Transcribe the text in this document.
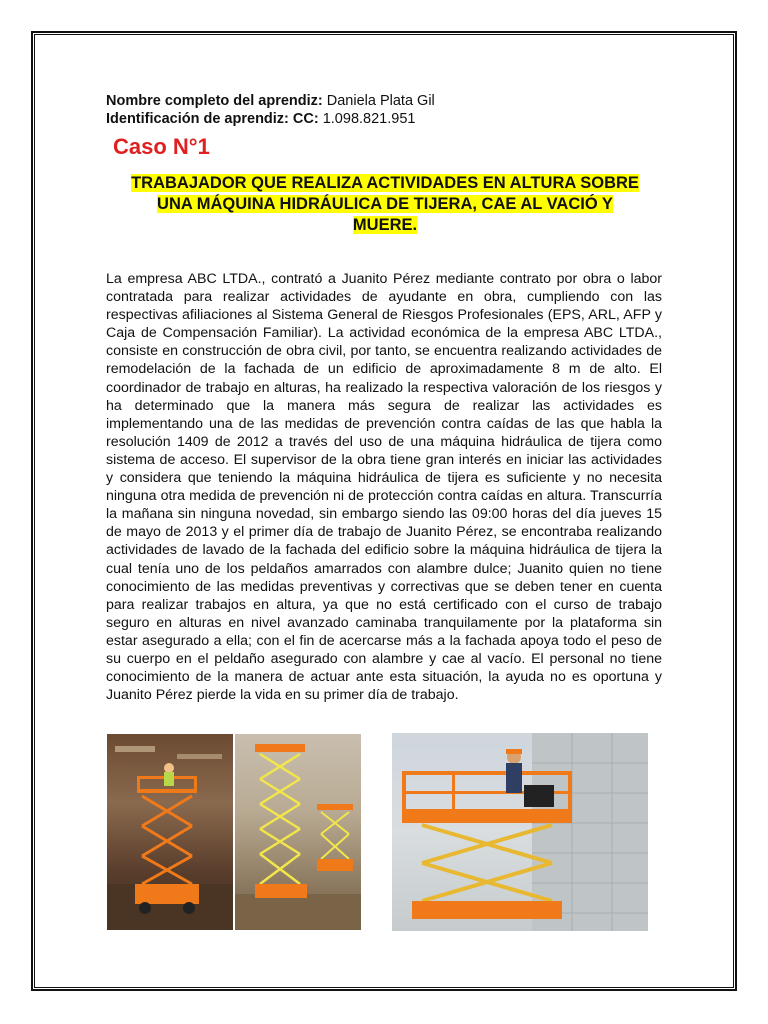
Nombre completo del aprendiz: Daniela Plata Gil
Identificación de aprendiz: CC: 1.098.821.951
Caso N°1
TRABAJADOR QUE REALIZA ACTIVIDADES EN ALTURA SOBRE UNA MÁQUINA HIDRÁULICA DE TIJERA, CAE AL VACIÓ Y MUERE.
La empresa ABC LTDA., contrató a Juanito Pérez mediante contrato por obra o labor contratada para realizar actividades de ayudante en obra, cumpliendo con las respectivas afiliaciones al Sistema General de Riesgos Profesionales (EPS, ARL, AFP y Caja de Compensación Familiar). La actividad económica de la empresa ABC LTDA., consiste en construcción de obra civil, por tanto, se encuentra realizando actividades de remodelación de la fachada de un edificio de aproximadamente 8 m de alto. El coordinador de trabajo en alturas, ha realizado la respectiva valoración de los riesgos y ha determinado que la manera más segura de realizar las actividades es implementando una de las medidas de prevención contra caídas de las que habla la resolución 1409 de 2012 a través del uso de una máquina hidráulica de tijera como sistema de acceso. El supervisor de la obra tiene gran interés en iniciar las actividades y considera que teniendo la máquina hidráulica de tijera es suficiente y no necesita ninguna otra medida de prevención ni de protección contra caídas en altura. Transcurría la mañana sin ninguna novedad, sin embargo siendo las 09:00 horas del día jueves 15 de mayo de 2013 y el primer día de trabajo de Juanito Pérez, se encontraba realizando actividades de lavado de la fachada del edificio sobre la máquina hidráulica de tijera la cual tenía uno de los peldaños amarrados con alambre dulce; Juanito quien no tiene conocimiento de las medidas preventivas y correctivas que se deben tener en cuenta para realizar trabajos en altura, ya que no está certificado con el curso de trabajo seguro en alturas en nivel avanzado caminaba tranquilamente por la plataforma sin estar asegurado a ella; con el fin de acercarse más a la fachada apoya todo el peso de su cuerpo en el peldaño asegurado con alambre y cae al vacío. El personal no tiene conocimiento de la manera de actuar ante esta situación, la ayuda no es oportuna y Juanito Pérez pierde la vida en su primer día de trabajo.
